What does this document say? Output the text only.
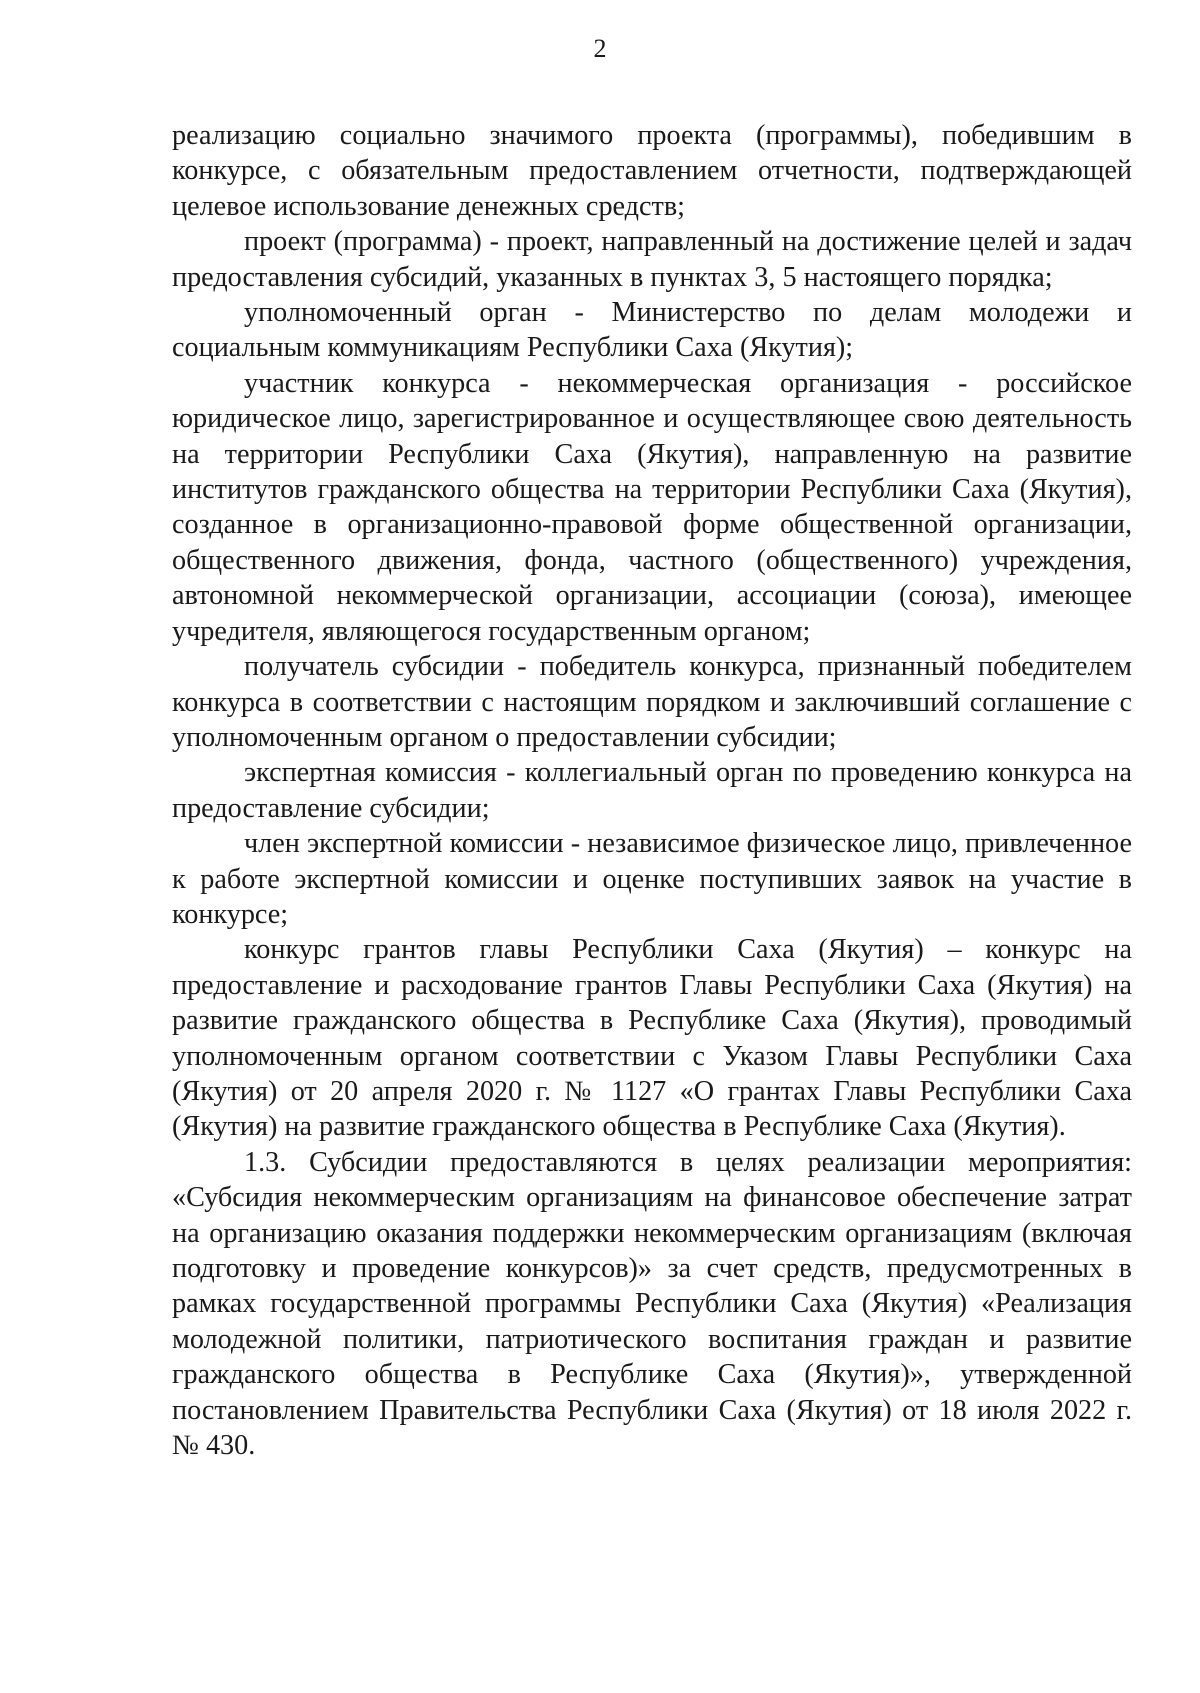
2

реализацию социально значимого проекта (программы), победившим в конкурсе, с обязательным предоставлением отчетности, подтверждающей целевое использование денежных средств;

проект (программа) - проект, направленный на достижение целей и задач предоставления субсидий, указанных в пунктах 3, 5 настоящего порядка;

уполномоченный орган - Министерство по делам молодежи и социальным коммуникациям Республики Саха (Якутия);

участник конкурса - некоммерческая организация - российское юридическое лицо, зарегистрированное и осуществляющее свою деятельность на территории Республики Саха (Якутия), направленную на развитие институтов гражданского общества на территории Республики Саха (Якутия), созданное в организационно-правовой форме общественной организации, общественного движения, фонда, частного (общественного) учреждения, автономной некоммерческой организации, ассоциации (союза), имеющее учредителя, являющегося государственным органом;

получатель субсидии - победитель конкурса, признанный победителем конкурса в соответствии с настоящим порядком и заключивший соглашение с уполномоченным органом о предоставлении субсидии;

экспертная комиссия - коллегиальный орган по проведению конкурса на предоставление субсидии;

член экспертной комиссии - независимое физическое лицо, привлеченное к работе экспертной комиссии и оценке поступивших заявок на участие в конкурсе;

конкурс грантов главы Республики Саха (Якутия) – конкурс на предоставление и расходование грантов Главы Республики Саха (Якутия) на развитие гражданского общества в Республике Саха (Якутия), проводимый уполномоченным органом соответствии с Указом Главы Республики Саха (Якутия) от 20 апреля 2020 г. № 1127 «О грантах Главы Республики Саха (Якутия) на развитие гражданского общества в Республике Саха (Якутия).

1.3. Субсидии предоставляются в целях реализации мероприятия: «Субсидия некоммерческим организациям на финансовое обеспечение затрат на организацию оказания поддержки некоммерческим организациям (включая подготовку и проведение конкурсов)» за счет средств, предусмотренных в рамках государственной программы Республики Саха (Якутия) «Реализация молодежной политики, патриотического воспитания граждан и развитие гражданского общества в Республике Саха (Якутия)», утвержденной постановлением Правительства Республики Саха (Якутия) от 18 июля 2022 г. № 430.
